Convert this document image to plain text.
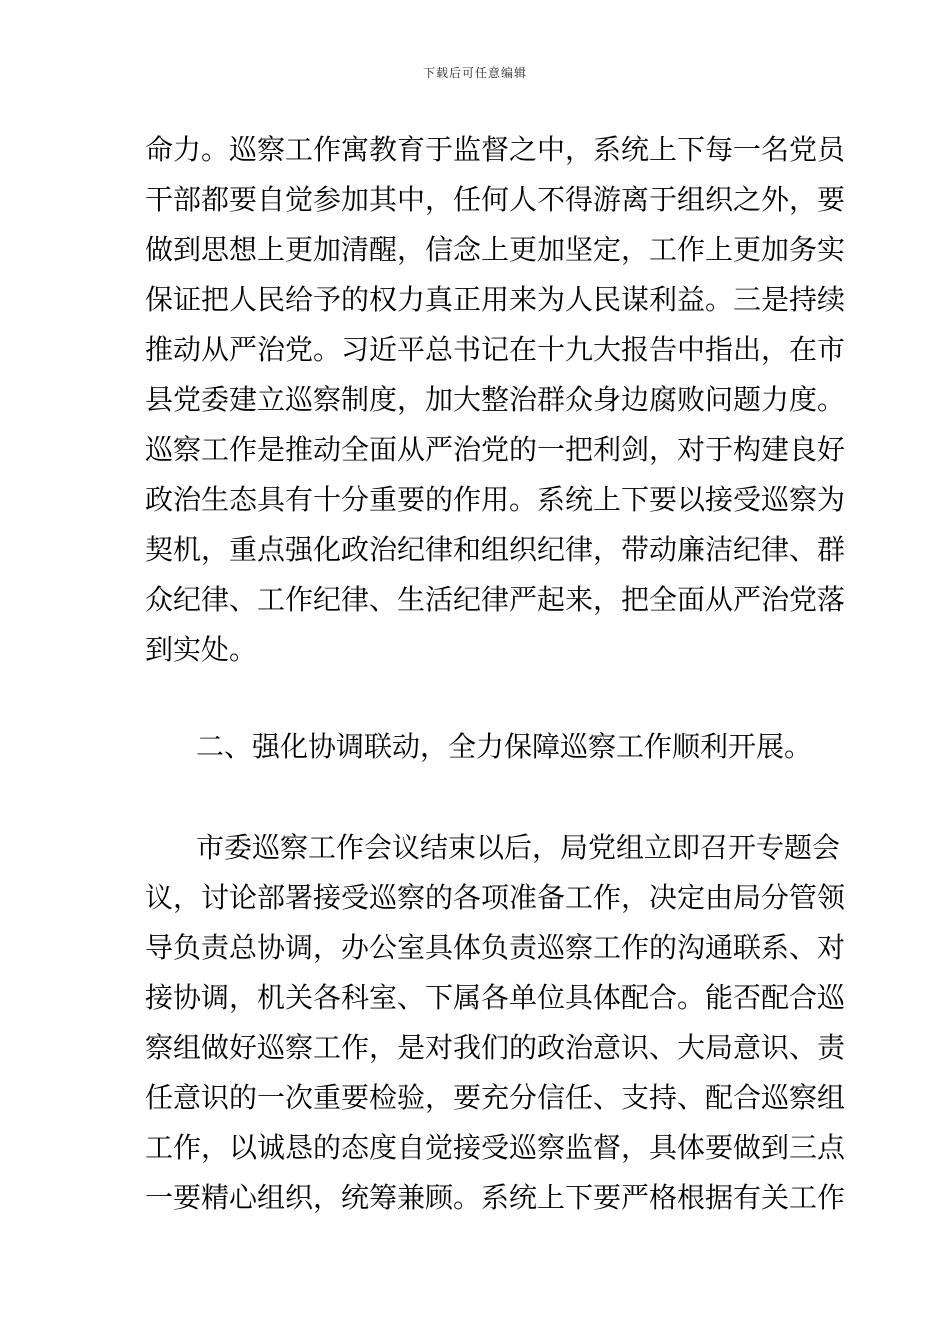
下载后可任意编辑
命力。巡察工作寓教育于监督之中，系统上下每一名党员
干部都要自觉参加其中，任何人不得游离于组织之外，要
做到思想上更加清醒，信念上更加坚定，工作上更加务实
保证把人民给予的权力真正用来为人民谋利益。三是持续
推动从严治党。习近平总书记在十九大报告中指出，在市
县党委建立巡察制度，加大整治群众身边腐败问题力度。
巡察工作是推动全面从严治党的一把利剑，对于构建良好
政治生态具有十分重要的作用。系统上下要以接受巡察为
契机，重点强化政治纪律和组织纪律，带动廉洁纪律、群
众纪律、工作纪律、生活纪律严起来，把全面从严治党落
到实处。
二、强化协调联动，全力保障巡察工作顺利开展。
市委巡察工作会议结束以后，局党组立即召开专题会
议，讨论部署接受巡察的各项准备工作，决定由局分管领
导负责总协调，办公室具体负责巡察工作的沟通联系、对
接协调，机关各科室、下属各单位具体配合。能否配合巡
察组做好巡察工作，是对我们的政治意识、大局意识、责
任意识的一次重要检验，要充分信任、支持、配合巡察组
工作，以诚恳的态度自觉接受巡察监督，具体要做到三点
一要精心组织，统筹兼顾。系统上下要严格根据有关工作
